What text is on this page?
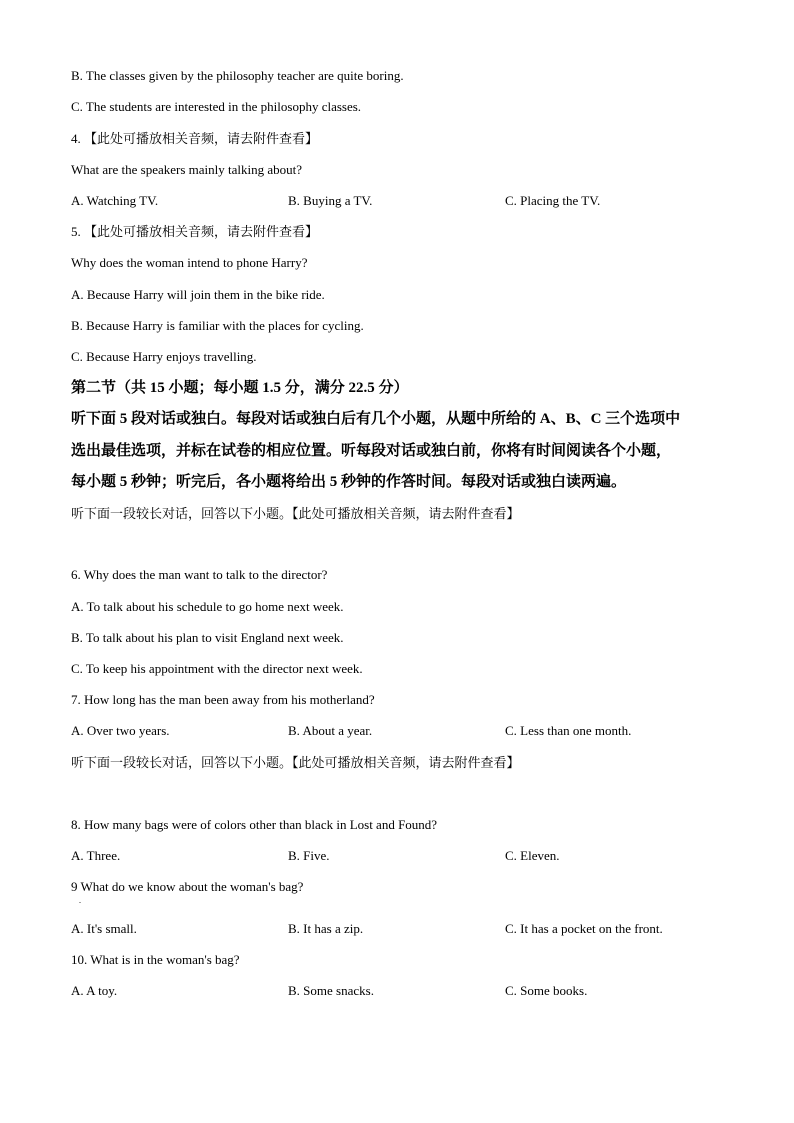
B. The classes given by the philosophy teacher are quite boring.
C. The students are interested in the philosophy classes.
4. 【此处可播放相关音频，请去附件查看】
What are the speakers mainly talking about?
A. Watching TV.	B. Buying a TV.	C. Placing the TV.
5. 【此处可播放相关音频，请去附件查看】
Why does the woman intend to phone Harry?
A. Because Harry will join them in the bike ride.
B. Because Harry is familiar with the places for cycling.
C. Because Harry enjoys travelling.
第二节（共 15 小题；每小题 1.5 分，满分 22.5 分）
听下面 5 段对话或独白。每段对话或独白后有几个小题，从题中所给的 A、B、C 三个选项中
选出最佳选项，并标在试卷的相应位置。听每段对话或独白前，你将有时间阅读各个小题，
每小题 5 秒钟；听完后，各小题将给出 5 秒钟的作答时间。每段对话或独白读两遍。
听下面一段较长对话，回答以下小题。【此处可播放相关音频，请去附件查看】
6. Why does the man want to talk to the director?
A. To talk about his schedule to go home next week.
B. To talk about his plan to visit England next week.
C. To keep his appointment with the director next week.
7. How long has the man been away from his motherland?
A. Over two years.	B. About a year.	C. Less than one month.
听下面一段较长对话，回答以下小题。【此处可播放相关音频，请去附件查看】
8. How many bags were of colors other than black in Lost and Found?
A. Three.	B. Five.	C. Eleven.
9 What do we know about the woman's bag?
.
A. It's small.	B. It has a zip.	C. It has a pocket on the front.
10. What is in the woman's bag?
A. A toy.	B. Some snacks.	C. Some books.
